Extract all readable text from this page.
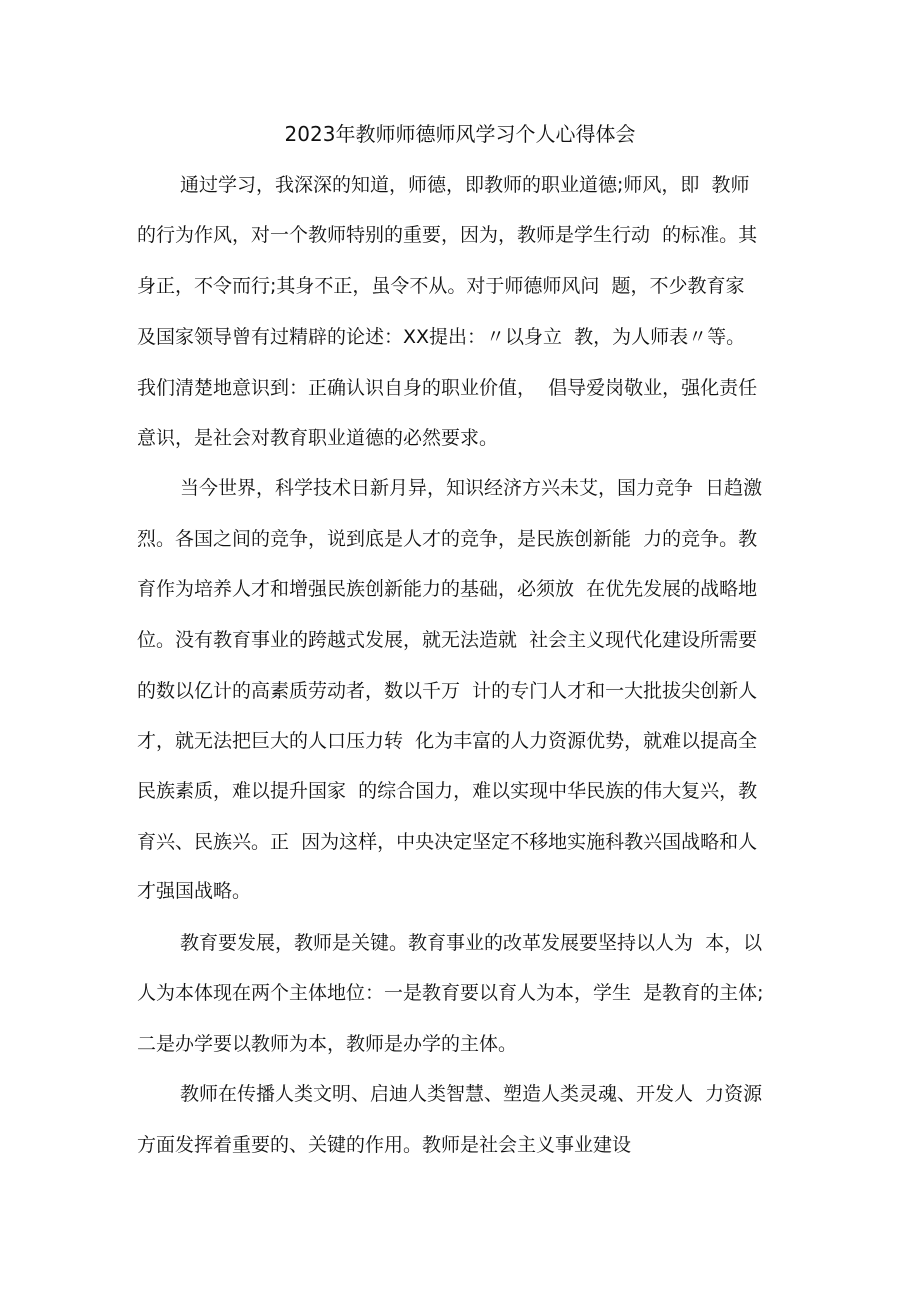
2023年教师师德师风学习个人心得体会

通过学习，我深深的知道，师德，即教师的职业道德;师风，即  教师

的行为作风，对一个教师特别的重要，因为，教师是学生行动  的标准。其

身正，不令而行;其身不正，虽令不从。对于师德师风问  题，不少教育家

及国家领导曾有过精辟的论述：XX提出：〃以身立  教，为人师表〃等。

我们清楚地意识到：正确认识自身的职业价值，  倡导爱岗敬业，强化责任

意识，是社会对教育职业道德的必然要求。

当今世界，科学技术日新月异，知识经济方兴未艾，国力竞争  日趋激

烈。各国之间的竞争，说到底是人才的竞争，是民族创新能  力的竞争。教

育作为培养人才和增强民族创新能力的基础，必须放  在优先发展的战略地

位。没有教育事业的跨越式发展，就无法造就  社会主义现代化建设所需要

的数以亿计的高素质劳动者，数以千万  计的专门人才和一大批拔尖创新人

才，就无法把巨大的人口压力转  化为丰富的人力资源优势，就难以提高全

民族素质，难以提升国家  的综合国力，难以实现中华民族的伟大复兴，教

育兴、民族兴。正  因为这样，中央决定坚定不移地实施科教兴国战略和人

才强国战略。

教育要发展，教师是关键。教育事业的改革发展要坚持以人为  本，以

人为本体现在两个主体地位：一是教育要以育人为本，学生  是教育的主体;

二是办学要以教师为本，教师是办学的主体。

教师在传播人类文明、启迪人类智慧、塑造人类灵魂、开发人  力资源

方面发挥着重要的、关键的作用。教师是社会主义事业建设
